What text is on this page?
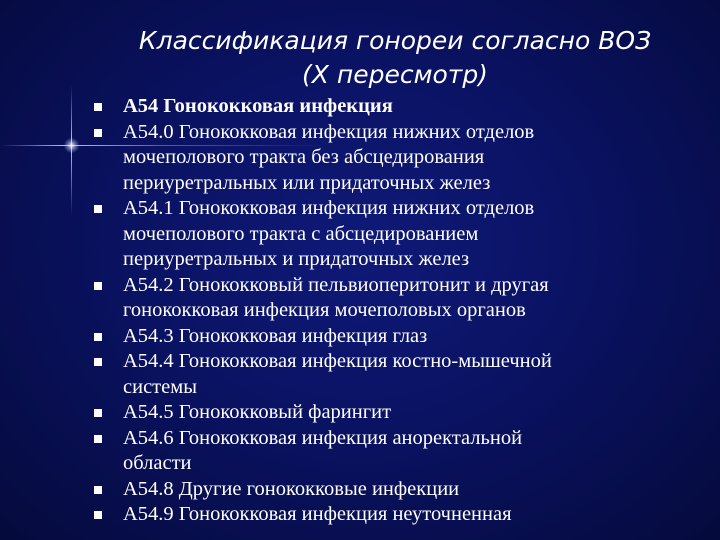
Классификация гонореи согласно ВОЗ
(X пересмотр)
A54 Гонококковая инфекция
A54.0 Гонококковая инфекция нижних отделов
мочеполового тракта без абсцедирования
периуретральных или придаточных желез
A54.1 Гонококковая инфекция нижних отделов
мочеполового тракта с абсцедированием
периуретральных и придаточных желез
A54.2 Гонококковый пельвиоперитонит и другая
гонококковая инфекция мочеполовых органов
A54.3 Гонококковая инфекция глаз
A54.4 Гонококковая инфекция костно-мышечной
системы
A54.5 Гонококковый фарингит
A54.6 Гонококковая инфекция аноректальной
области
A54.8 Другие гонококковые инфекции
A54.9 Гонококковая инфекция неуточненная
